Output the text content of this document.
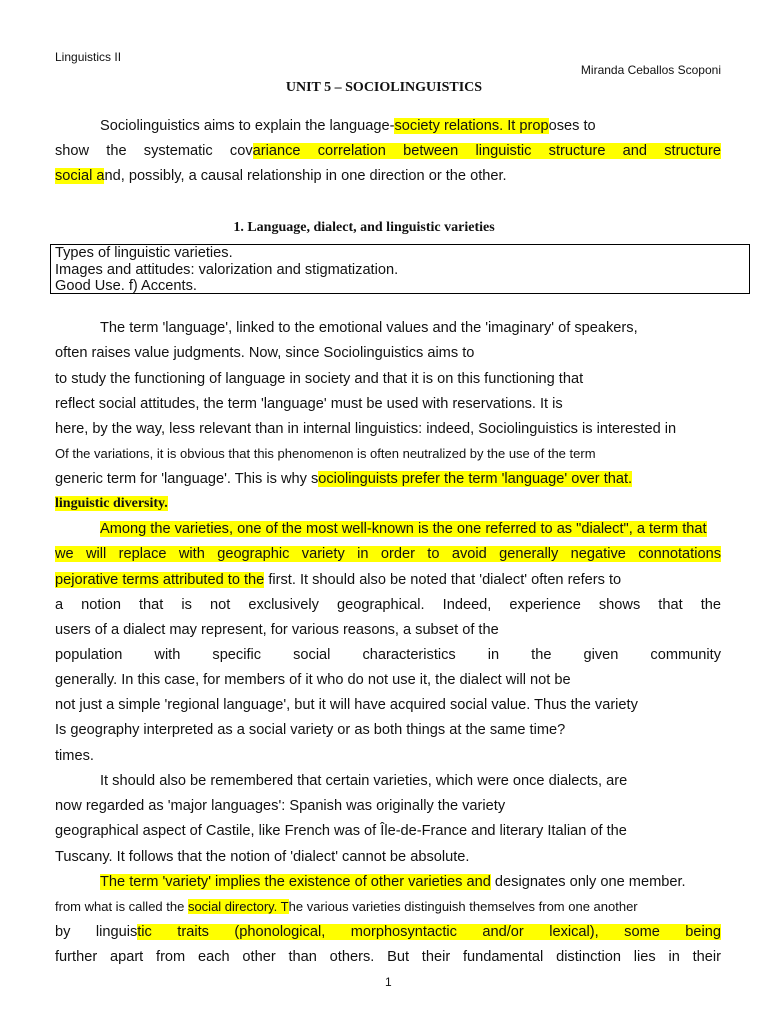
Linguistics II
Miranda Ceballos Scoponi
UNIT 5 – SOCIOLINGUISTICS
Sociolinguistics aims to explain the language-society relations. It proposes to
show the systematic covariance correlation between linguistic structure and structure
social and, possibly, a causal relationship in one direction or the other.
1. Language, dialect, and linguistic varieties
Types of linguistic varieties.
Images and attitudes: valorization and stigmatization.
Good Use. f) Accents.
The term 'language', linked to the emotional values and the 'imaginary' of speakers,
often raises value judgments. Now, since Sociolinguistics aims to
to study the functioning of language in society and that it is on this functioning that
reflect social attitudes, the term 'language' must be used with reservations. It is
here, by the way, less relevant than in internal linguistics: indeed, Sociolinguistics is interested in
Of the variations, it is obvious that this phenomenon is often neutralized by the use of the term
generic term for 'language'. This is why sociolinguists prefer the term 'language' over that.
linguistic diversity.
Among the varieties, one of the most well-known is the one referred to as "dialect", a term that
we will replace with geographic variety in order to avoid generally negative connotations
pejorative terms attributed to the first. It should also be noted that 'dialect' often refers to
a notion that is not exclusively geographical. Indeed, experience shows that the
users of a dialect may represent, for various reasons, a subset of the
population with specific social characteristics in the given community
generally. In this case, for members of it who do not use it, the dialect will not be
not just a simple 'regional language', but it will have acquired social value. Thus the variety
Is geography interpreted as a social variety or as both things at the same time?
times.
It should also be remembered that certain varieties, which were once dialects, are
now regarded as 'major languages': Spanish was originally the variety
geographical aspect of Castile, like French was of Île-de-France and literary Italian of the
Tuscany. It follows that the notion of 'dialect' cannot be absolute.
The term 'variety' implies the existence of other varieties and designates only one member.
from what is called the social directory. The various varieties distinguish themselves from one another
by linguistic traits (phonological, morphosyntactic and/or lexical), some being
further apart from each other than others. But their fundamental distinction lies in their
1
